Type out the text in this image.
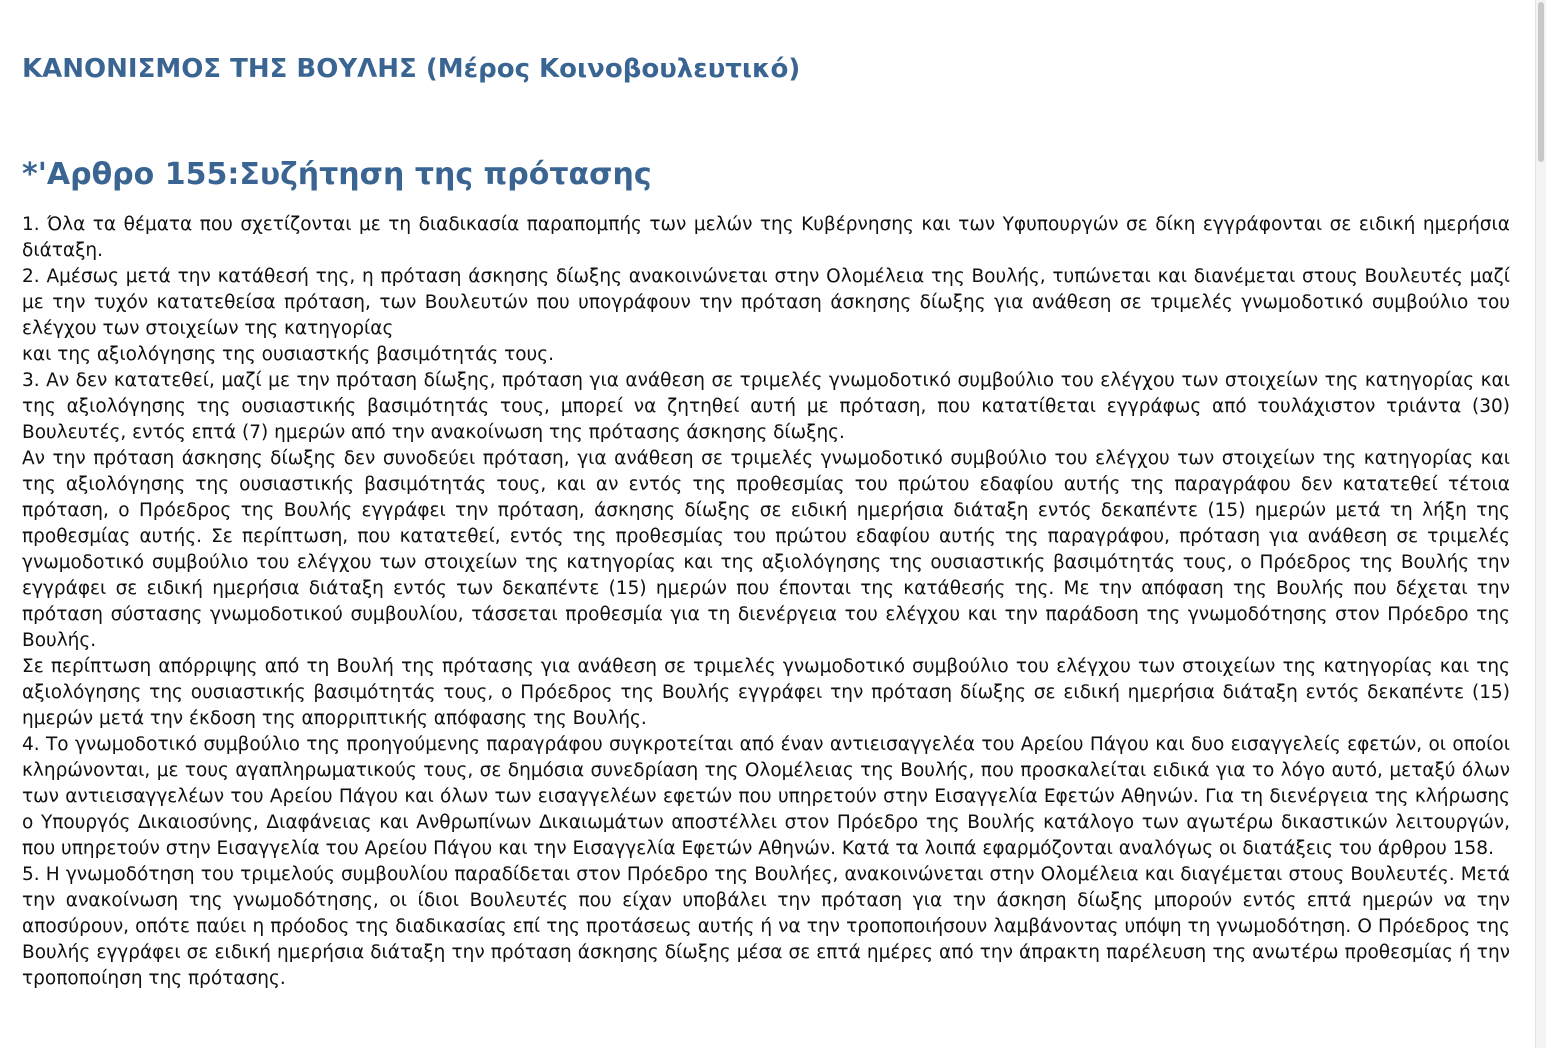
ΚΑΝΟΝΙΣΜΟΣ ΤΗΣ ΒΟΥΛΗΣ (Μέρος Κοινοβουλευτικό)
*'Αρθρο 155:Συζήτηση της πρότασης

1. Όλα τα θέματα που σχετίζονται με τη διαδικασία παραπομπής των μελών της Κυβέρνησης και των Υφυπουργών σε δίκη εγγράφονται σε ειδική ημερήσια διάταξη.

2. Αμέσως μετά την κατάθεσή της, η πρόταση άσκησης δίωξης ανακοινώνεται στην Ολομέλεια της Βουλής, τυπώνεται και διανέμεται στους Βουλευτές μαζί με την τυχόν κατατεθείσα πρόταση, των Βουλευτών που υπογράφουν την πρόταση άσκησης δίωξης για ανάθεση σε τριμελές γνωμοδοτικό συμβούλιο του ελέγχου των στοιχείων της κατηγορίας

και της αξιολόγησης της ουσιαστκής βασιμότητάς τους.

3. Αν δεν κατατεθεί, μαζί με την πρόταση δίωξης, πρόταση για ανάθεση σε τριμελές γνωμοδοτικό συμβούλιο του ελέγχου των στοιχείων της κατηγορίας και της αξιολόγησης της ουσιαστικής βασιμότητάς τους, μπορεί να ζητηθεί αυτή με πρόταση, που κατατίθεται εγγράφως από τουλάχιστον τριάντα (30) Βουλευτές, εντός επτά (7) ημερών από την ανακοίνωση της πρότασης άσκησης δίωξης.

Αν την πρόταση άσκησης δίωξης δεν συνοδεύει πρόταση, για ανάθεση σε τριμελές γνωμοδοτικό συμβούλιο του ελέγχου των στοιχείων της κατηγορίας και της αξιολόγησης της ουσιαστικής βασιμότητάς τους, και αν εντός της προθεσμίας του πρώτου εδαφίου αυτής της παραγράφου δεν κατατεθεί τέτοια πρόταση, ο Πρόεδρος της Βουλής εγγράφει την πρόταση, άσκησης δίωξης σε ειδική ημερήσια διάταξη εντός δεκαπέντε (15) ημερών μετά τη λήξη της προθεσμίας αυτής. Σε περίπτωση, που κατατεθεί, εντός της προθεσμίας του πρώτου εδαφίου αυτής της παραγράφου, πρόταση για ανάθεση σε τριμελές γνωμοδοτικό συμβούλιο του ελέγχου των στοιχείων της κατηγορίας και της αξιολόγησης της ουσιαστικής βασιμότητάς τους, ο Πρόεδρος της Βουλής την εγγράφει σε ειδική ημερήσια διάταξη εντός των δεκαπέντε (15) ημερών που έπονται της κατάθεσής της. Με την απόφαση της Βουλής που δέχεται την πρόταση σύστασης γνωμοδοτικού συμβουλίου, τάσσεται προθεσμία για τη διενέργεια του ελέγχου και την παράδοση της γνωμοδότησης στον Πρόεδρο της Βουλής.

Σε περίπτωση απόρριψης από τη Βουλή της πρότασης για ανάθεση σε τριμελές γνωμοδοτικό συμβούλιο του ελέγχου των στοιχείων της κατηγορίας και της αξιολόγησης της ουσιαστικής βασιμότητάς τους, ο Πρόεδρος της Βουλής εγγράφει την πρόταση δίωξης σε ειδική ημερήσια διάταξη εντός δεκαπέντε (15) ημερών μετά την έκδοση της απορριπτικής απόφασης της Βουλής.

4. Το γνωμοδοτικό συμβούλιο της προηγούμενης παραγράφου συγκροτείται από έναν αντιεισαγγελέα του Αρείου Πάγου και δυο εισαγγελείς εφετών, οι οποίοι κληρώνονται, με τους αγαπληρωματικούς τους, σε δημόσια συνεδρίαση της Ολομέλειας της Βουλής, που προσκαλείται ειδικά για το λόγο αυτό, μεταξύ όλων των αντιεισαγγελέων του Αρείου Πάγου και όλων των εισαγγελέων εφετών που υπηρετούν στην Εισαγγελία Εφετών Αθηνών. Για τη διενέργεια της κλήρωσης ο Υπουργός Δικαιοσύνης, Διαφάνειας και Ανθρωπίνων Δικαιωμάτων αποστέλλει στον Πρόεδρο της Βουλής κατάλογο των αγωτέρω δικαστικών λειτουργών, που υπηρετούν στην Εισαγγελία του Αρείου Πάγου και την Εισαγγελία Εφετών Αθηνών. Κατά τα λοιπά εφαρμόζονται αναλόγως οι διατάξεις του άρθρου 158.

5. Η γνωμοδότηση του τριμελούς συμβουλίου παραδίδεται στον Πρόεδρο της Βουλήες, ανακοινώνεται στην Ολομέλεια και διαγέμεται στους Βουλευτές. Μετά την ανακοίνωση της γνωμοδότησης, οι ίδιοι Βουλευτές που είχαν υποβάλει την πρόταση για την άσκηση δίωξης μπορούν εντός επτά ημερών να την αποσύρουν, οπότε παύει η πρόοδος της διαδικασίας επί της προτάσεως αυτής ή να την τροποποιήσουν λαμβάνοντας υπόψη τη γνωμοδότηση. Ο Πρόεδρος της Βουλής εγγράφει σε ειδική ημερήσια διάταξη την πρόταση άσκησης δίωξης μέσα σε επτά ημέρες από την άπρακτη παρέλευση της ανωτέρω προθεσμίας ή την τροποποίηση της πρότασης.
